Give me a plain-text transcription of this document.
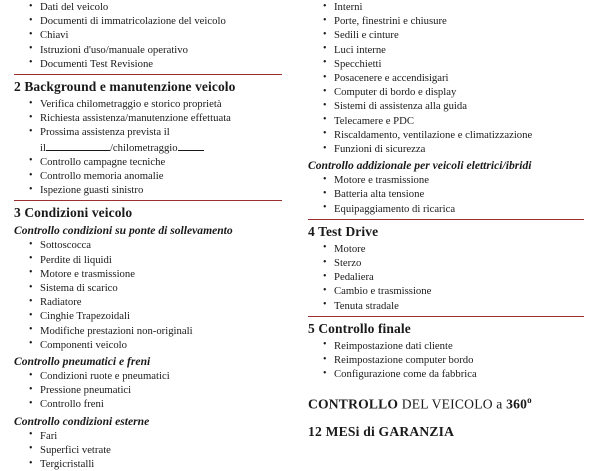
• Dati del veicolo
• Documenti di immatricolazione del veicolo
• Chiavi
• Istruzioni d'uso/manuale operativo
• Documenti Test Revisione
2 Background e manutenzione veicolo
• Verifica chilometraggio e storico proprietà
• Richiesta assistenza/manutenzione effettuata
• Prossima assistenza prevista il
il	/chilometraggio
• Controllo campagne tecniche
• Controllo memoria anomalie
• Ispezione guasti sinistro
3 Condizioni veicolo
Controllo condizioni su ponte di sollevamento
• Sottoscocca
• Perdite di liquidi
• Motore e trasmissione
• Sistema di scarico
• Radiatore
• Cinghie Trapezoidali
• Modifiche prestazioni non-originali
• Componenti veicolo
Controllo pneumatici e freni
• Condizioni ruote e pneumatici
• Pressione pneumatici
• Controllo freni
Controllo condizioni esterne
• Fari
• Superfici vetrate
• Tergicristalli
• Interni
• Porte, finestrini e chiusure
• Sedili e cinture
• Luci interne
• Specchietti
• Posacenere e accendisigari
• Computer di bordo e display
• Sistemi di assistenza alla guida
• Telecamere e PDC
• Riscaldamento, ventilazione e climatizzazione
• Funzioni di sicurezza
Controllo addizionale per veicoli elettrici/ibridi
• Motore e trasmissione
• Batteria alta tensione
• Equipaggiamento di ricarica
4 Test Drive
• Motore
• Sterzo
• Pedaliera
• Cambio e trasmissione
• Tenuta stradale
5 Controllo finale
• Reimpostazione dati cliente
• Reimpostazione computer bordo
• Configurazione come da fabbrica
CONTROLLO DEL VEICOLO a 360$^o$
12 MESi di GARANZIA
